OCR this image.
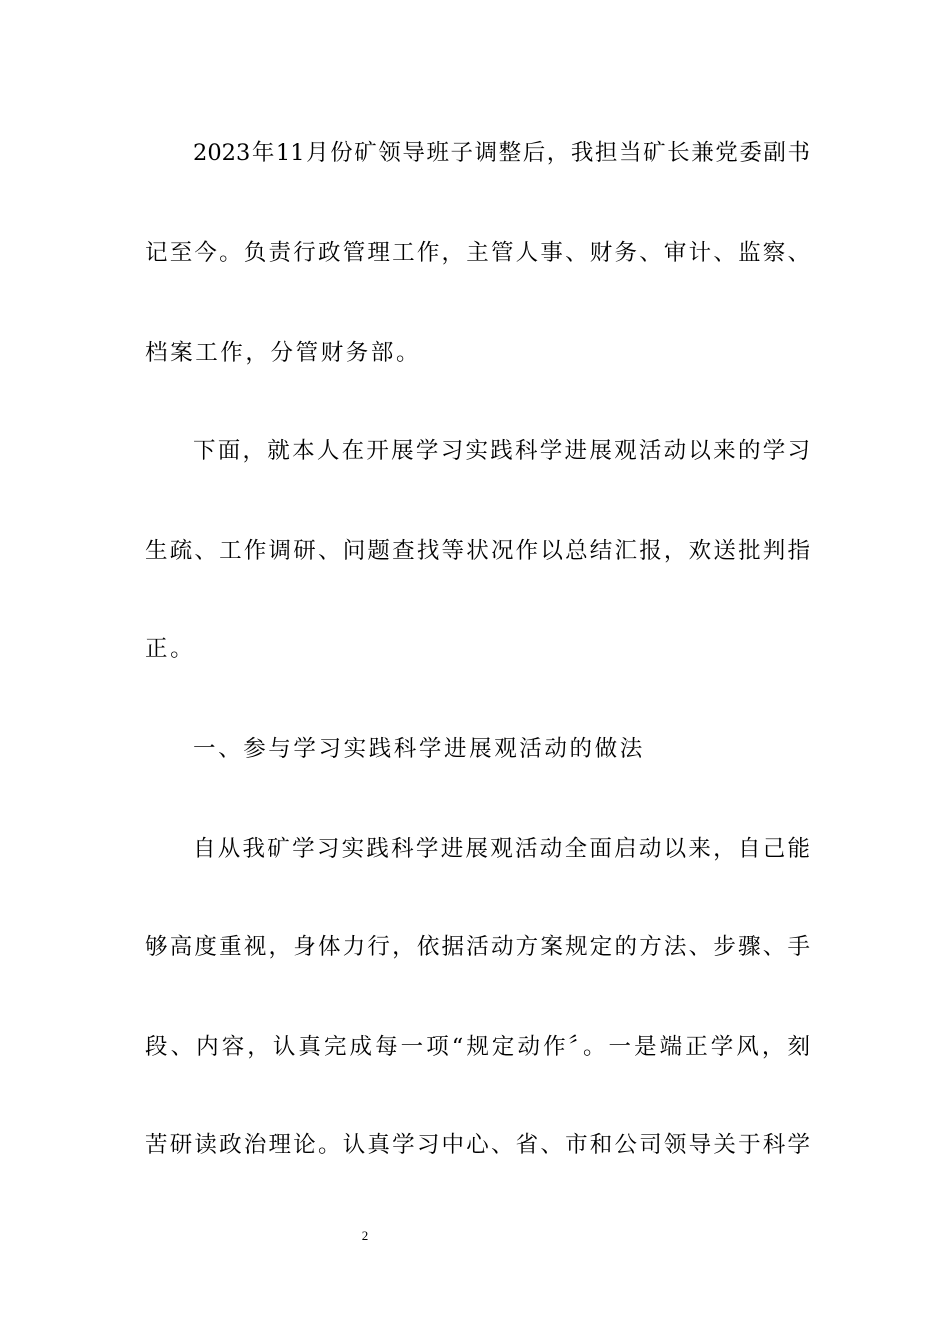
2023年11月份矿领导班子调整后，我担当矿长兼党委副书
记至今。负责行政管理工作，主管人事、财务、审计、监察、
档案工作，分管财务部。
下面，就本人在开展学习实践科学进展观活动以来的学习
生疏、工作调研、问题查找等状况作以总结汇报，欢送批判指
正。
一、参与学习实践科学进展观活动的做法
自从我矿学习实践科学进展观活动全面启动以来，自己能
够高度重视，身体力行，依据活动方案规定的方法、步骤、手
段、内容，认真完成每一项“规定动作〞。一是端正学风，刻
苦研读政治理论。认真学习中心、省、市和公司领导关于科学
2
